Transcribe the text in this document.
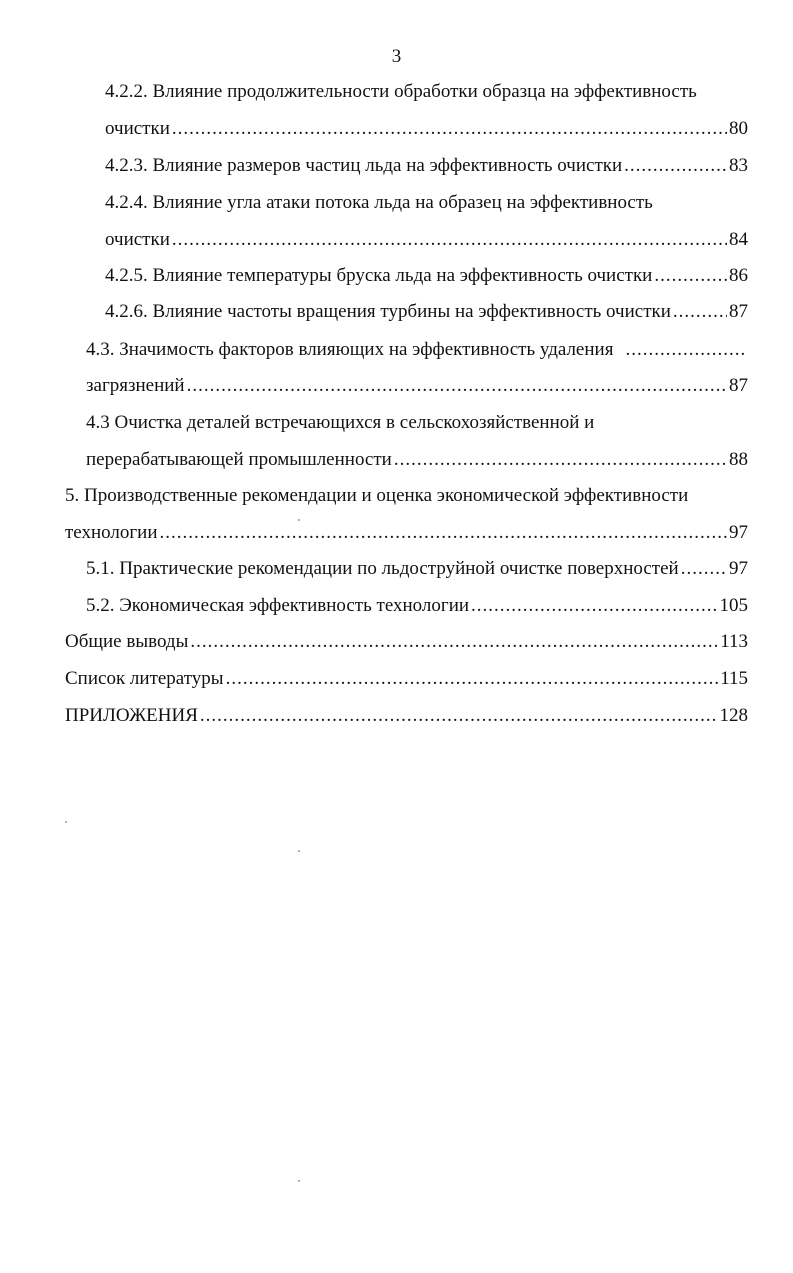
3
4.2.2. Влияние продолжительности обработки образца на эффективность
очистки .....	80
4.2.3. Влияние размеров частиц льда на эффективность очистки .....	83
4.2.4. Влияние угла атаки потока льда на образец на эффективность
очистки .....	84
4.2.5. Влияние температуры бруска льда на эффективность очистки .....	86
4.2.6. Влияние частоты вращения турбины на эффективность очистки .....	87
4.3. Значимость факторов влияющих на эффективность удаления
.....
загрязнений .....	87
4.3 Очистка деталей встречающихся в сельскохозяйственной и
перерабатывающей промышленности .....	88
5. Производственные рекомендации и оценка экономической эффективности
технологии .....	97
5.1. Практические рекомендации по льдоструйной очистке поверхностей .....	97
5.2. Экономическая эффективность технологии .....	105
Общие выводы .....	113
Список литературы .....	115
ПРИЛОЖЕНИЯ .....	128
